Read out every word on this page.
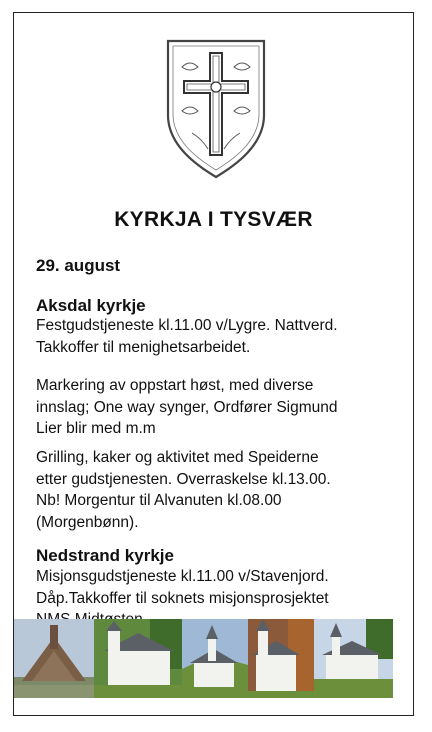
KYRKJA I TYSVÆR
29. august
Aksdal kyrkje
Festgudstjeneste kl.11.00 v/Lygre. Nattverd.
Takkoffer til menighetsarbeidet.
Markering av oppstart høst, med diverse
innslag; One way synger, Ordfører Sigmund
Lier blir med m.m
Grilling, kaker og aktivitet med Speiderne
etter gudstjenesten. Overraskelse kl.13.00.
Nb! Morgentur til Alvanuten kl.08.00
(Morgenbønn).
Nedstrand kyrkje
Misjonsgudstjeneste kl.11.00 v/Stavenjord.
Dåp.Takkoffer til soknets misjonsprosjektet
